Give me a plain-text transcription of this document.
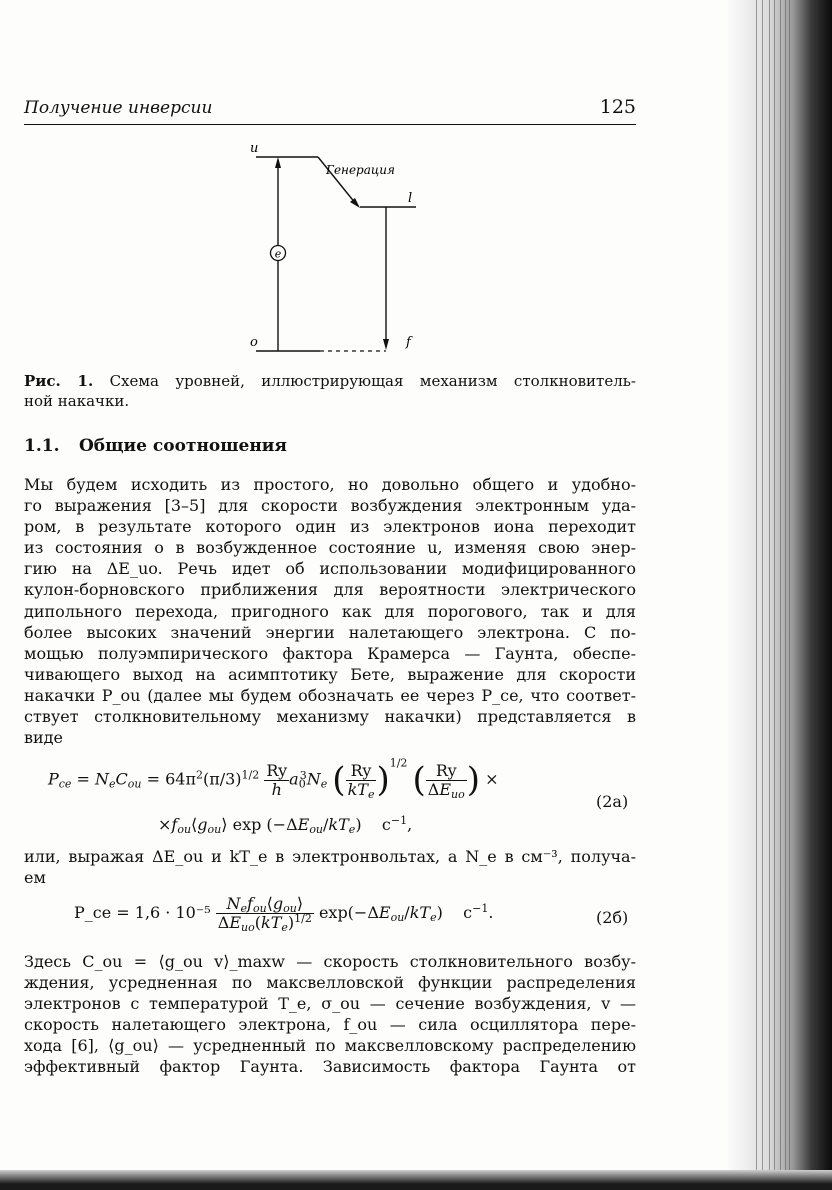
Получение инверсии	125
e
u
l
o	f
Генерация
Рис. 1. Схема уровней, иллюстрирующая механизм столкновитель-
ной накачки.
1.1. Общие соотношения
Мы будем исходить из простого, но довольно общего и удобно-
го выражения [3–5] для скорости возбуждения электронным уда-
ром, в результате которого один из электронов иона переходит
из состояния o в возбужденное состояние u, изменяя свою энер-
гию на ΔE_uo. Речь идет об использовании модифицированного
кулон-борновского приближения для вероятности электрического
дипольного перехода, пригодного как для порогового, так и для
более высоких значений энергии налетающего электрона. С по-
мощью полуэмпирического фактора Крамерса — Гаунта, обеспе-
чивающего выход на асимптотику Бете, выражение для скорости
накачки P_ou (далее мы будем обозначать ее через P_ce, что соответ-
ствует столкновительному механизму накачки) представляется в
виде
$P_{ce} = N_eC_{ou} = 64\pi^2(\pi/3)^{1/2} \frac{Ry}{h} a_0^3N_e$ ( $\frac{Ry}{kT_e} )^{1/2}$ ( $\frac{Ry}{\Delta E_{uo}}$ ) ×
(2а)
$\times f_{ou}⟨g_{ou}⟩$ $\exp (-\Delta E_{ou}/kT_e)$    $с^{-1}$,
или, выражая ΔE_ou и kT_e в электронвольтах, а N_e в см⁻³, получа-
ем
P_ce = $1,6 \cdot 10^{-5} \frac{N_ef_{ou}⟨g_{ou}⟩}{\Delta E_{uo}(kT_e)^{1/2}} \exp(-\Delta E_{ou}/kT_e)$    $с^{-1}$.	(2б)
Здесь C_ou = ⟨g_ou v⟩_maxw — скорость столкновительного возбу-
ждения, усредненная по максвелловской функции распределения
электронов с температурой T_e, σ_ou — сечение возбуждения, v —
скорость налетающего электрона, f_ou — сила осциллятора пере-
хода [6], ⟨g_ou⟩ — усредненный по максвелловскому распределению
эффективный фактор Гаунта. Зависимость фактора Гаунта от
